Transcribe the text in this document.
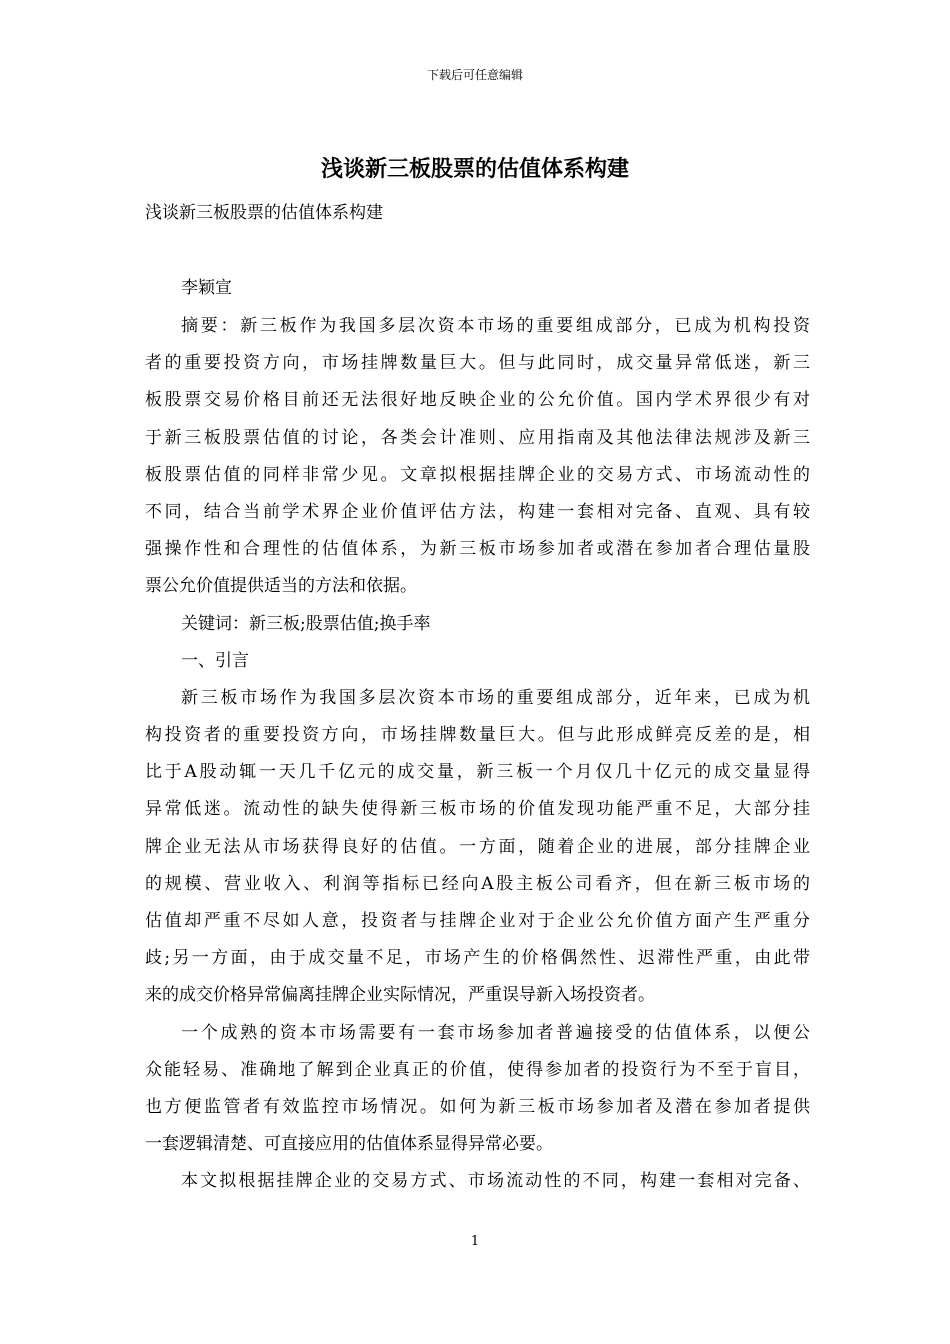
下载后可任意编辑
浅谈新三板股票的估值体系构建
浅谈新三板股票的估值体系构建

李颖宣

摘要：新三板作为我国多层次资本市场的重要组成部分，已成为机构投资

者的重要投资方向，市场挂牌数量巨大。但与此同时，成交量异常低迷，新三

板股票交易价格目前还无法很好地反映企业的公允价值。国内学术界很少有对

于新三板股票估值的讨论，各类会计准则、应用指南及其他法律法规涉及新三

板股票估值的同样非常少见。文章拟根据挂牌企业的交易方式、市场流动性的

不同，结合当前学术界企业价值评估方法，构建一套相对完备、直观、具有较

强操作性和合理性的估值体系，为新三板市场参加者或潜在参加者合理估量股

票公允价值提供适当的方法和依据。

关键词：新三板;股票估值;换手率

一、引言

新三板市场作为我国多层次资本市场的重要组成部分，近年来，已成为机

构投资者的重要投资方向，市场挂牌数量巨大。但与此形成鲜亮反差的是，相

比于A股动辄一天几千亿元的成交量，新三板一个月仅几十亿元的成交量显得

异常低迷。流动性的缺失使得新三板市场的价值发现功能严重不足，大部分挂

牌企业无法从市场获得良好的估值。一方面，随着企业的进展，部分挂牌企业

的规模、营业收入、利润等指标已经向A股主板公司看齐，但在新三板市场的

估值却严重不尽如人意，投资者与挂牌企业对于企业公允价值方面产生严重分

歧;另一方面，由于成交量不足，市场产生的价格偶然性、迟滞性严重，由此带

来的成交价格异常偏离挂牌企业实际情况，严重误导新入场投资者。

一个成熟的资本市场需要有一套市场参加者普遍接受的估值体系，以便公

众能轻易、准确地了解到企业真正的价值，使得参加者的投资行为不至于盲目，

也方便监管者有效监控市场情况。如何为新三板市场参加者及潜在参加者提供

一套逻辑清楚、可直接应用的估值体系显得异常必要。

本文拟根据挂牌企业的交易方式、市场流动性的不同，构建一套相对完备、

1
